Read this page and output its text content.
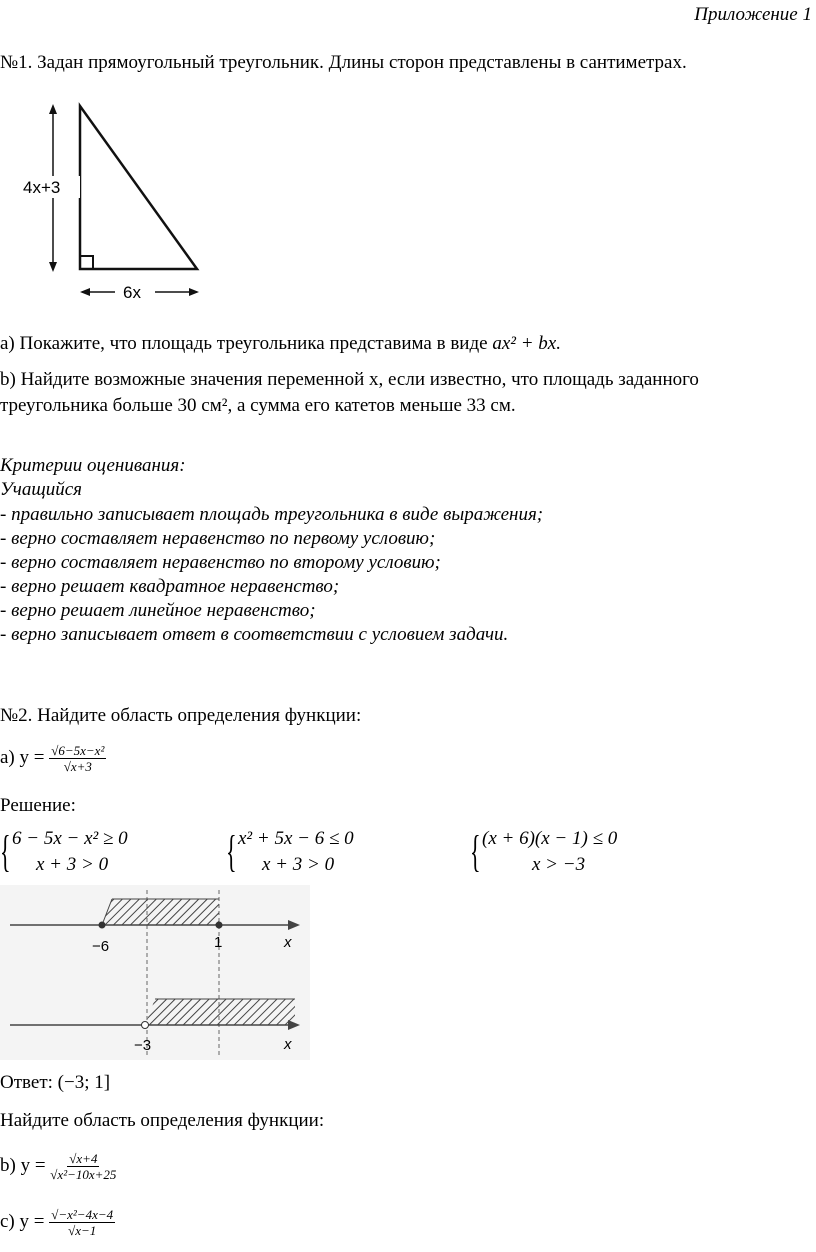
Приложение 1
№1. Задан прямоугольный треугольник. Длины сторон представлены в сантиметрах.
4x+3
6x
а) Покажите, что площадь треугольника представима в виде ax² + bx.
b) Найдите возможные значения переменной x, если известно, что площадь заданного
треугольника больше 30 см², а сумма его катетов меньше 33 см.
Критерии оценивания:
Учащийся
- правильно записывает площадь треугольника в виде выражения;
- верно составляет неравенство по первому условию;
- верно составляет неравенство по второму условию;
- верно решает квадратное неравенство;
- верно решает линейное неравенство;
- верно записывает ответ в соответствии с условием задачи.
№2. Найдите область определения функции:
а) $y = \frac{\text{√6−5x−x²}}{√x+3}$
Решение:
{ 6 − 5x − x² ≥ 0
x + 3 > 0	{ x² + 5x − 6 ≤ 0
x + 3 > 0	{ (x + 6)(x − 1) ≤ 0
x > −3
−6	1	x
−3	x
Ответ: (−3; 1]
Найдите область определения функции:
b) $y = \frac{√x+4}{\text{√x²−10x+25}}$
c) $y = \frac{\text{√−x²−4x−4}}{√x-1}$
